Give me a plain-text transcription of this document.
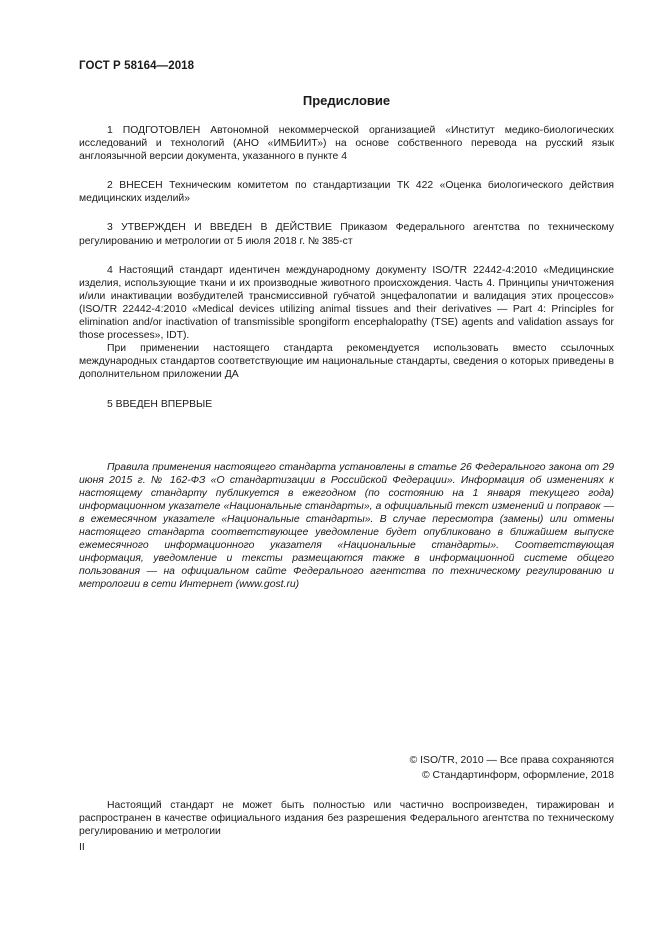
ГОСТ Р 58164—2018
Предисловие

1 ПОДГОТОВЛЕН Автономной некоммерческой организацией «Институт медико-биологических исследований и технологий (АНО «ИМБИИТ») на основе собственного перевода на русский язык англоязычной версии документа, указанного в пункте 4

2 ВНЕСЕН Техническим комитетом по стандартизации ТК 422 «Оценка биологического действия медицинских изделий»

3 УТВЕРЖДЕН И ВВЕДЕН В ДЕЙСТВИЕ Приказом Федерального агентства по техническому регулированию и метрологии от 5 июля 2018 г. № 385-ст

4 Настоящий стандарт идентичен международному документу ISO/TR 22442-4:2010 «Медицинские изделия, использующие ткани и их производные животного происхождения. Часть 4. Принципы уничтожения и/или инактивации возбудителей трансмиссивной губчатой энцефалопатии и валидация этих процессов» (ISO/TR 22442-4:2010 «Medical devices utilizing animal tissues and their derivatives — Part 4: Principles for elimination and/or inactivation of transmissible spongiform encephalopathy (TSE) agents and validation assays for those processes», IDT).

При применении настоящего стандарта рекомендуется использовать вместо ссылочных международных стандартов соответствующие им национальные стандарты, сведения о которых приведены в дополнительном приложении ДА

5 ВВЕДЕН ВПЕРВЫЕ

Правила применения настоящего стандарта установлены в статье 26 Федерального закона от 29 июня 2015 г. № 162-ФЗ «О стандартизации в Российской Федерации». Информация об изменениях к настоящему стандарту публикуется в ежегодном (по состоянию на 1 января текущего года) информационном указателе «Национальные стандарты», а официальный текст изменений и поправок — в ежемесячном указателе «Национальные стандарты». В случае пересмотра (замены) или отмены настоящего стандарта соответствующее уведомление будет опубликовано в ближайшем выпуске ежемесячного информационного указателя «Национальные стандарты». Соответствующая информация, уведомление и тексты размещаются также в информационной системе общего пользования — на официальном сайте Федерального агентства по техническому регулированию и метрологии в сети Интернет (www.gost.ru)

© ISO/TR, 2010 — Все права сохраняются
© Стандартинформ, оформление, 2018

Настоящий стандарт не может быть полностью или частично воспроизведен, тиражирован и распространен в качестве официального издания без разрешения Федерального агентства по техническому регулированию и метрологии

II
